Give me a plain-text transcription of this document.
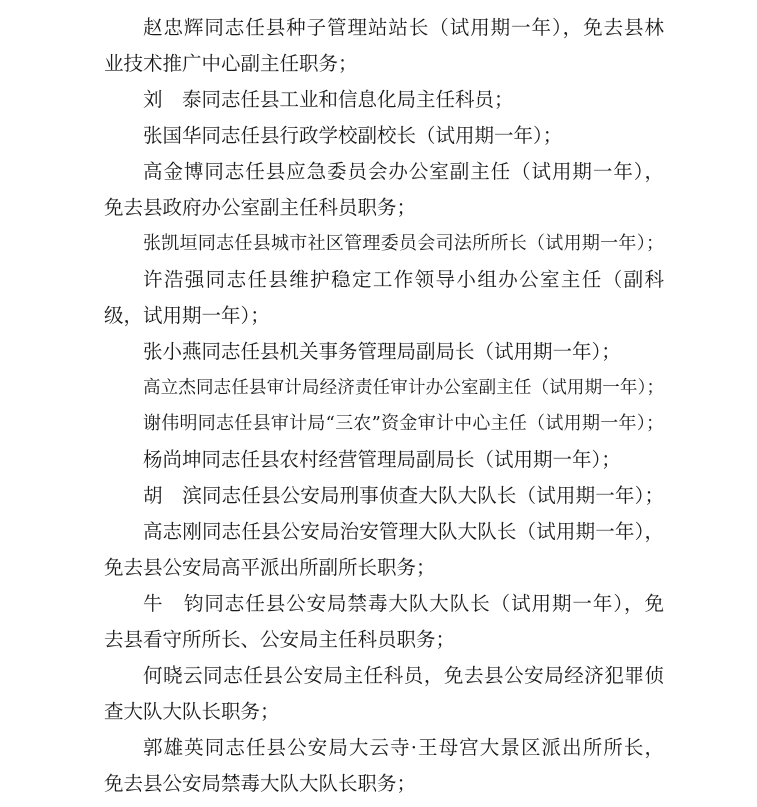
赵忠辉同志任县种子管理站站长（试用期一年），免去县林
业技术推广中心副主任职务；
刘　泰同志任县工业和信息化局主任科员；
张国华同志任县行政学校副校长（试用期一年）；
高金博同志任县应急委员会办公室副主任（试用期一年），
免去县政府办公室副主任科员职务；
张凯垣同志任县城市社区管理委员会司法所所长（试用期一年）；
许浩强同志任县维护稳定工作领导小组办公室主任（副科
级，试用期一年）；
张小燕同志任县机关事务管理局副局长（试用期一年）；
高立杰同志任县审计局经济责任审计办公室副主任（试用期一年）；
谢伟明同志任县审计局“三农”资金审计中心主任（试用期一年）；
杨尚坤同志任县农村经营管理局副局长（试用期一年）；
胡　滨同志任县公安局刑事侦查大队大队长（试用期一年）；
高志刚同志任县公安局治安管理大队大队长（试用期一年），
免去县公安局高平派出所副所长职务；
牛　钧同志任县公安局禁毒大队大队长（试用期一年），免
去县看守所所长、公安局主任科员职务；
何晓云同志任县公安局主任科员，免去县公安局经济犯罪侦
查大队大队长职务；
郭雄英同志任县公安局大云寺·王母宫大景区派出所所长，
免去县公安局禁毒大队大队长职务；
